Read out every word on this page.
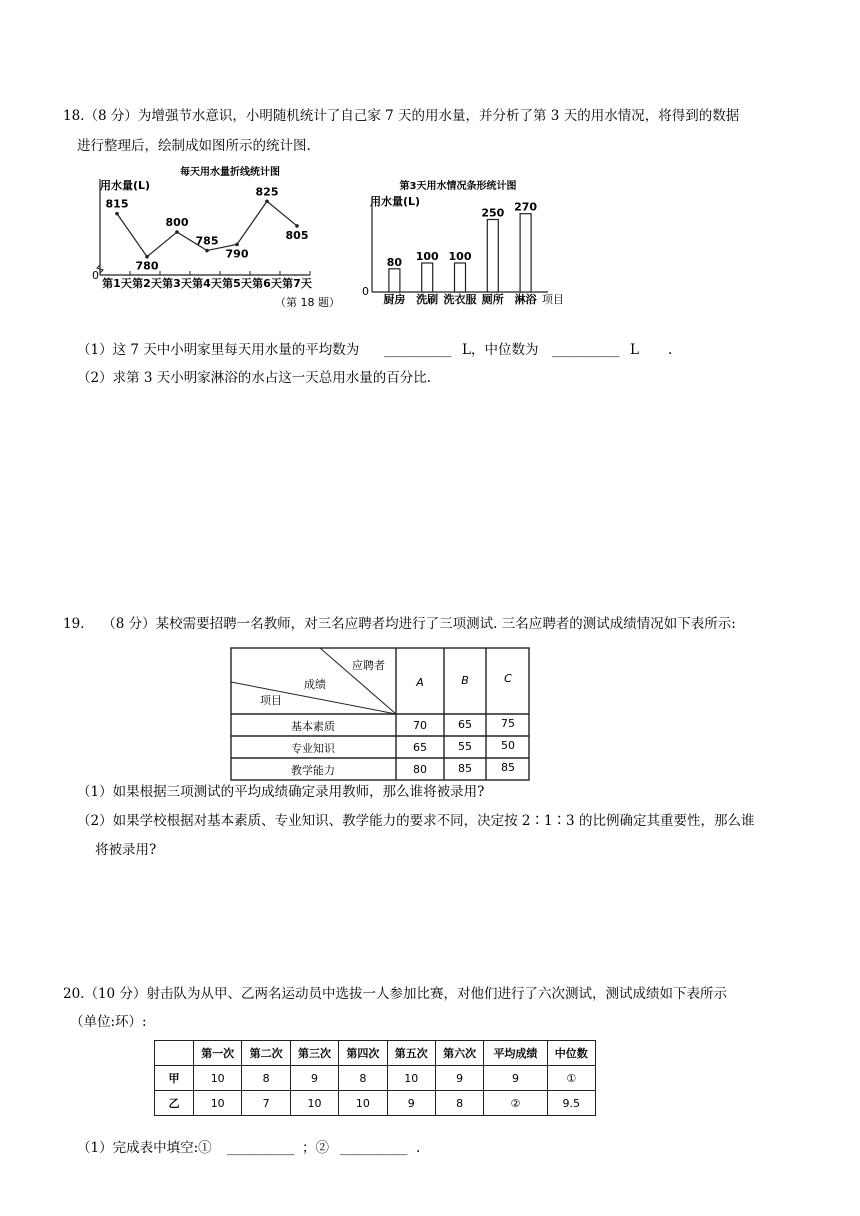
18.（8 分）为增强节水意识，小明随机统计了自己家 7 天的用水量，并分析了第 3 天的用水情况，将得到的数据
进行整理后，绘制成如图所示的统计图.
每天用水量折线统计图
用水量(L)
0
第1天 第2天 第3天 第4天 第5天 第6天 第7天
815
780
800
785
790
825
805
（第 18 题）
第3天用水情况条形统计图
用水量(L)
0
项目
80
厨房
100
洗刷
100
洗衣服
250
厕所
270
淋浴
（1）这 7 天中小明家里每天用水量的平均数为 __________ L，中位数为 __________ L .
（2）求第 3 天小明家淋浴的水占这一天总用水量的百分比.
19.　 （8 分）某校需要招聘一名教师，对三名应聘者均进行了三项测试. 三名应聘者的测试成绩情况如下表所示:
应聘者
成绩
项目
A	B	C
基本素质	70	65	75
专业知识	65	55	50
教学能力	80	85	85
（1）如果根据三项测试的平均成绩确定录用教师，那么谁将被录用?
（2）如果学校根据对基本素质、专业知识、教学能力的要求不同，决定按 2∶1∶3 的比例确定其重要性，那么谁
将被录用?
20.（10 分）射击队为从甲、乙两名运动员中选拔一人参加比赛，对他们进行了六次测试，测试成绩如下表所示
（单位:环）:
	第一次	第二次	第三次	第四次	第五次	第六次	平均成绩	中位数
甲	10	8	9	8	10	9	9	①
乙	10	7	10	10	9	8	②	9.5
（1）完成表中填空:① __________ ；② __________ .
